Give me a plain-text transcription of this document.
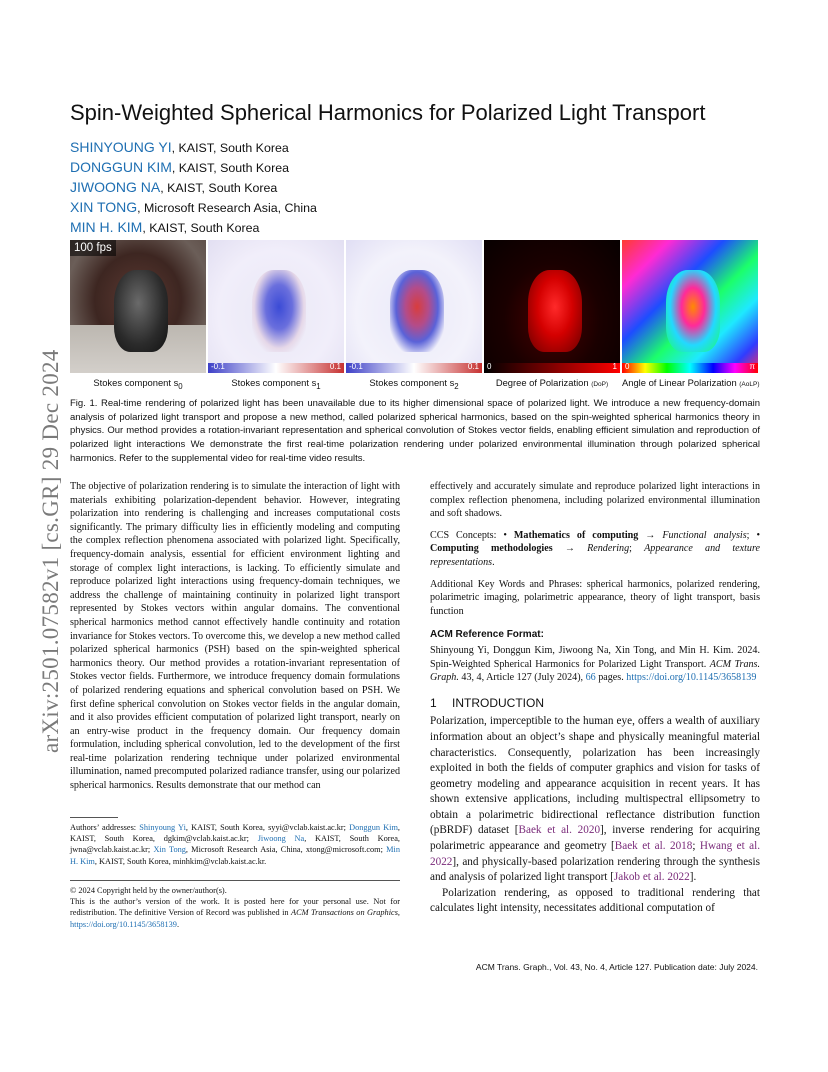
arXiv:2501.07582v1 [cs.GR] 29 Dec 2024
Spin-Weighted Spherical Harmonics for Polarized Light Transport
SHINYOUNG YI, KAIST, South Korea
DONGGUN KIM, KAIST, South Korea
JIWOONG NA, KAIST, South Korea
XIN TONG, Microsoft Research Asia, China
MIN H. KIM, KAIST, South Korea
100 fps
-0.1	0.1 -0.1	0.1 0	1 0	π
Stokes component $s_0$	Stokes component $s_1$	Stokes component $s_2$	Degree of Polarization (DoP)	Angle of Linear Polarization (AoLP)
Fig. 1. Real-time rendering of polarized light has been unavailable due to its higher dimensional space of polarized light. We introduce a new frequency-domain analysis of polarized light transport and propose a new method, called polarized spherical harmonics, based on the spin-weighted spherical harmonics theory in physics. Our method provides a rotation-invariant representation and spherical convolution of Stokes vector fields, enabling efficient simulation and reproduction of polarized light interactions We demonstrate the first real-time polarization rendering under polarized environmental illumination through polarized spherical harmonics. Refer to the supplemental video for real-time video results.

The objective of polarization rendering is to simulate the interaction of light with materials exhibiting polarization-dependent behavior. However, integrating polarization into rendering is challenging and increases computational costs significantly. The primary difficulty lies in efficiently modeling and computing the complex reflection phenomena associated with polarized light. Specifically, frequency-domain analysis, essential for efficient environment lighting and storage of complex light interactions, is lacking. To efficiently simulate and reproduce polarized light interactions using frequency-domain techniques, we address the challenge of maintaining continuity in polarized light transport represented by Stokes vectors within angular domains. The conventional spherical harmonics method cannot effectively handle continuity and rotation invariance for Stokes vectors. To overcome this, we develop a new method called polarized spherical harmonics (PSH) based on the spin-weighted spherical harmonics theory. Our method provides a rotation-invariant representation of Stokes vector fields. Furthermore, we introduce frequency domain formulations of polarized rendering equations and spherical convolution based on PSH. We first define spherical convolution on Stokes vector fields in the angular domain, and it also provides efficient computation of polarized light transport, nearly on an entry-wise product in the frequency domain. Our frequency domain formulation, including spherical convolution, led to the development of the first real-time polarization rendering technique under polarized environmental illumination, named precomputed polarized radiance transfer, using our polarized spherical harmonics. Results demonstrate that our method can

Authors’ addresses: Shinyoung Yi, KAIST, South Korea, syyi@vclab.kaist.ac.kr; Donggun Kim, KAIST, South Korea, dgkim@vclab.kaist.ac.kr; Jiwoong Na, KAIST, South Korea, jwna@vclab.kaist.ac.kr; Xin Tong, Microsoft Research Asia, China, xtong@microsoft.com; Min H. Kim, KAIST, South Korea, minhkim@vclab.kaist.ac.kr.
© 2024 Copyright held by the owner/author(s).
This is the author’s version of the work. It is posted here for your personal use. Not for redistribution. The definitive Version of Record was published in ACM Transactions on Graphics, https://doi.org/10.1145/3658139.

effectively and accurately simulate and reproduce polarized light interactions in complex reflection phenomena, including polarized environmental illumination and soft shadows.

CCS Concepts: • Mathematics of computing → Functional analysis; • Computing methodologies → Rendering; Appearance and texture representations.

Additional Key Words and Phrases: spherical harmonics, polarized rendering, polarimetric imaging, polarimetric appearance, theory of light transport, basis function

ACM Reference Format:

Shinyoung Yi, Donggun Kim, Jiwoong Na, Xin Tong, and Min H. Kim. 2024. Spin-Weighted Spherical Harmonics for Polarized Light Transport. ACM Trans. Graph. 43, 4, Article 127 (July 2024), 66 pages. https://doi.org/10.1145/3658139

1 INTRODUCTION

Polarization, imperceptible to the human eye, offers a wealth of auxiliary information about an object’s shape and physically meaningful material characteristics. Consequently, polarization has been increasingly exploited in both the fields of computer graphics and vision for tasks of geometry modeling and appearance acquisition in recent years. It has shown extensive applications, including multispectral ellipsometry to obtain a polarimetric bidirectional reflectance distribution function (pBRDF) dataset [Baek et al. 2020], inverse rendering for acquiring polarimetric appearance and geometry [Baek et al. 2018; Hwang et al. 2022], and physically-based polarization rendering through the synthesis and analysis of polarized light transport [Jakob et al. 2022].

Polarization rendering, as opposed to traditional rendering that calculates light intensity, necessitates additional computation of

ACM Trans. Graph., Vol. 43, No. 4, Article 127. Publication date: July 2024.
